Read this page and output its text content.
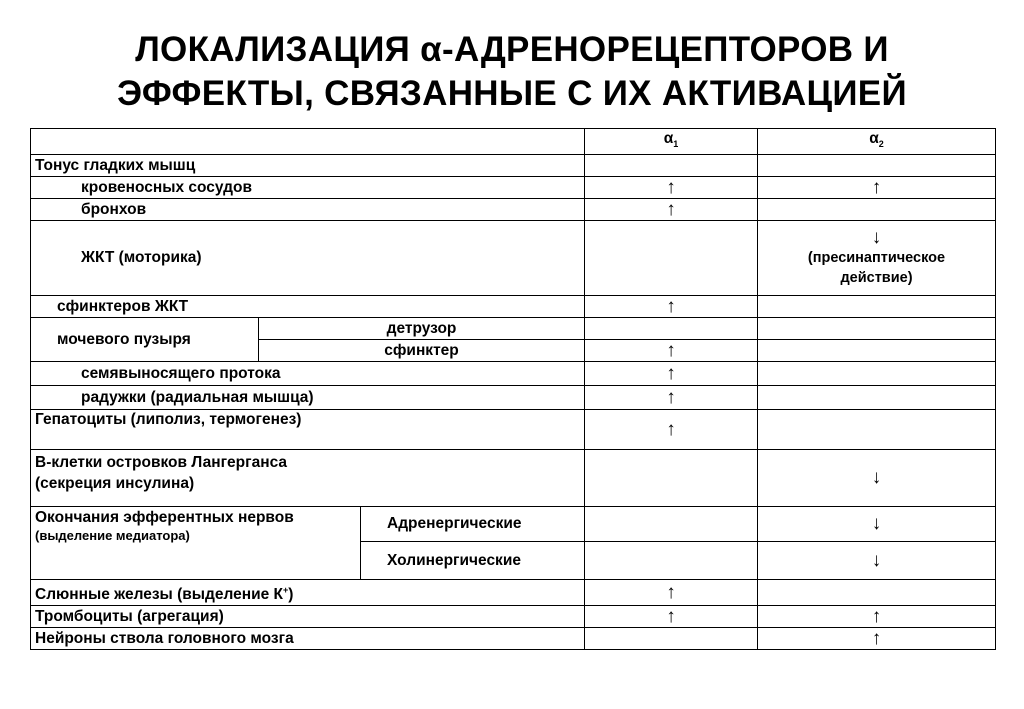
ЛОКАЛИЗАЦИЯ α-АДРЕНОРЕЦЕПТОРОВ И
ЭФФЕКТЫ, СВЯЗАННЫЕ С ИХ АКТИВАЦИЕЙ
			$\alpha_1$	$\alpha_2$
Тонус гладких мышц				
кровеносных сосудов			↑	↑
бронхов			↑	
ЖКТ (моторика)				↓
(пресинаптическое действие)

сфинктеров ЖКТ			↑	
мочевого пузыря	детрузор			
	сфинктер		↑	
семявыносящего протока			↑	
радужки (радиальная мышца)			↑	
Гепатоциты (липолиз, термогенез)			↑	

B-клетки островков Лангерганса
(секреция инсулина)				↓

Окончания эфферентных нервов
(выделение медиатора)		Адренергические		↓
		Холинергические		↓
Слюнные железы (выделение К+)			↑	
Тромбоциты (агрегация)			↑	↑
Нейроны ствола головного мозга				↑
